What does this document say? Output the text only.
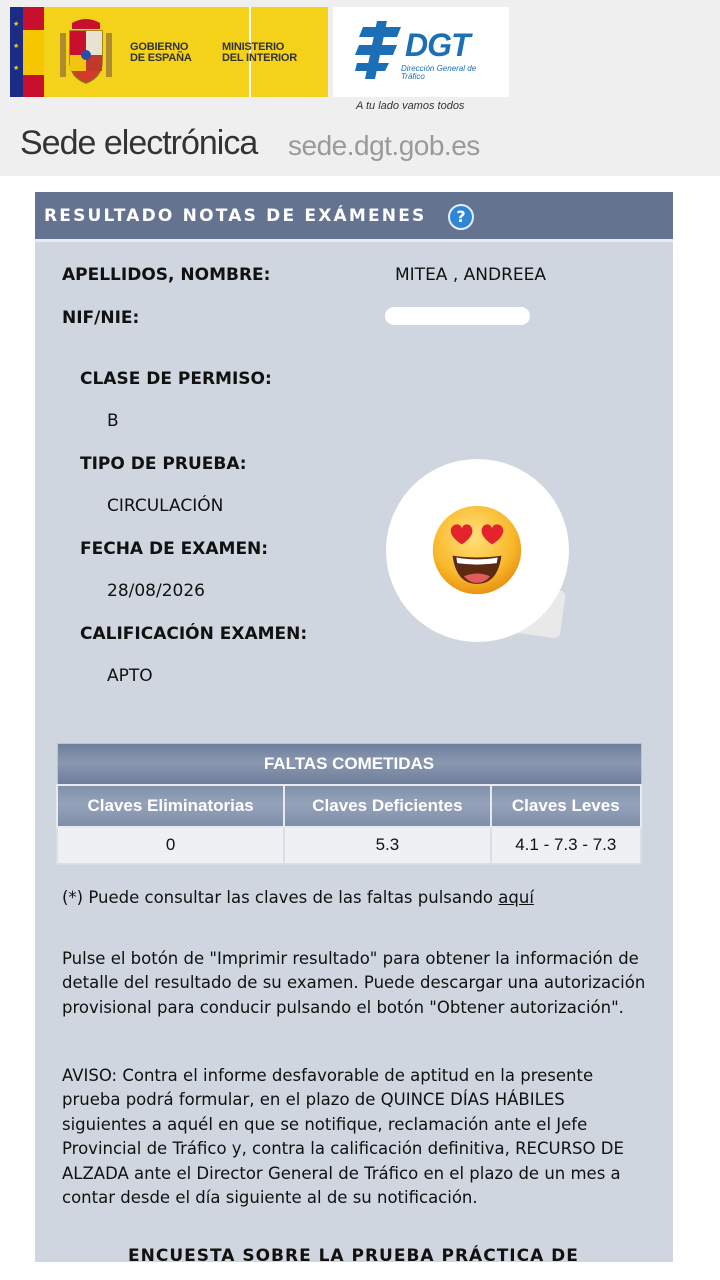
★
★
★
GOBIERNO
DE ESPAÑA
MINISTERIO
DEL INTERIOR	DGT
Dirección General de Tráfico
A tu lado vamos todos
Sede electrónica sede.dgt.gob.es
RESULTADO NOTAS DE EXÁMENES	?
APELLIDOS, NOMBRE:	MITEA , ANDREEA
NIF/NIE:
CLASE DE PERMISO:
B
TIPO DE PRUEBA:
CIRCULACIÓN
FECHA DE EXAMEN:
28/08/2026
CALIFICACIÓN EXAMEN:
APTO
FALTAS COMETIDAS		
Claves Eliminatorias	Claves Deficientes	Claves Leves
0	5.3	4.1 - 7.3 - 7.3
(*) Puede consultar las claves de las faltas pulsando aquí
Pulse el botón de "Imprimir resultado" para obtener la información de detalle del resultado de su examen. Puede descargar una autorización provisional para conducir pulsando el botón "Obtener autorización".
AVISO: Contra el informe desfavorable de aptitud en la presente prueba podrá formular, en el plazo de QUINCE DÍAS HÁBILES siguientes a aquél en que se notifique, reclamación ante el Jefe Provincial de Tráfico y, contra la calificación definitiva, RECURSO DE ALZADA ante el Director General de Tráfico en el plazo de un mes a contar desde el día siguiente al de su notificación.
ENCUESTA SOBRE LA PRUEBA PRÁCTICA DE
